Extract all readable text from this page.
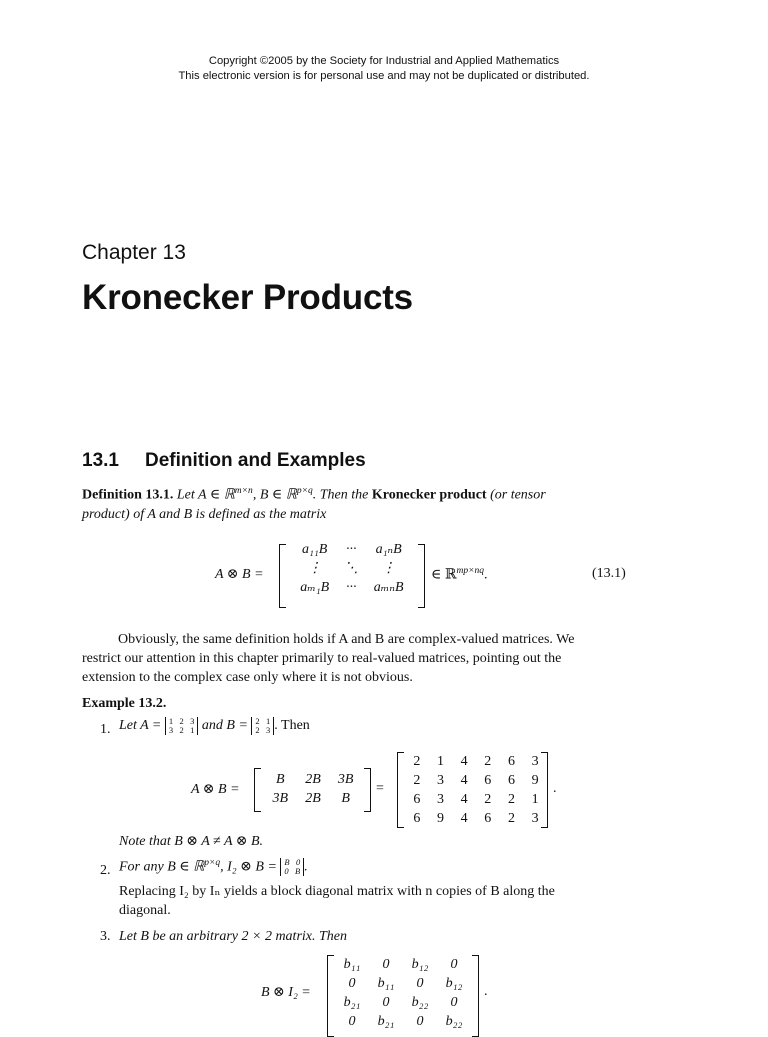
Copyright ©2005 by the Society for Industrial and Applied Mathematics
This electronic version is for personal use and may not be duplicated or distributed.
Chapter 13
Kronecker Products
13.1 Definition and Examples
Definition 13.1. Let A ∈ ℝ$^{m\times n}$, B ∈ ℝ$^{p\times q}$. Then the Kronecker product (or tensor
product) of A and B is defined as the matrix
A ⊗ B =
a₁₁B	···	a₁ₙB
⋮	⋱	⋮
aₘ₁B	···	aₘₙB
∈ ℝ$^{mp\times nq}$.	(13.1)
Obviously, the same definition holds if A and B are complex-valued matrices. We
restrict our attention in this chapter primarily to real-valued matrices, pointing out the
extension to the complex case only where it is not obvious.
Example 13.2.
1. Let A = 1 2 3
3 2 1 and B = 2 1
2 3 . Then
A ⊗ B =
B	2B	3B
3B	2B	B
=
2	1	4	2	6	3
2	3	4	6	6	9
6	3	4	2	2	1
6	9	4	6	2	3
.
Note that B ⊗ A ≠ A ⊗ B.
2. For any B ∈ ℝ$^{p\times q}$, I₂ ⊗ B = B 0
0 B .
Replacing I₂ by Iₙ yields a block diagonal matrix with n copies of B along the
diagonal.
3. Let B be an arbitrary 2 × 2 matrix. Then
B ⊗ I₂ =
b₁₁	0	b₁₂	0
0	b₁₁	0	b₁₂
b₂₁	0	b₂₂	0
0	b₂₁	0	b₂₂
.
